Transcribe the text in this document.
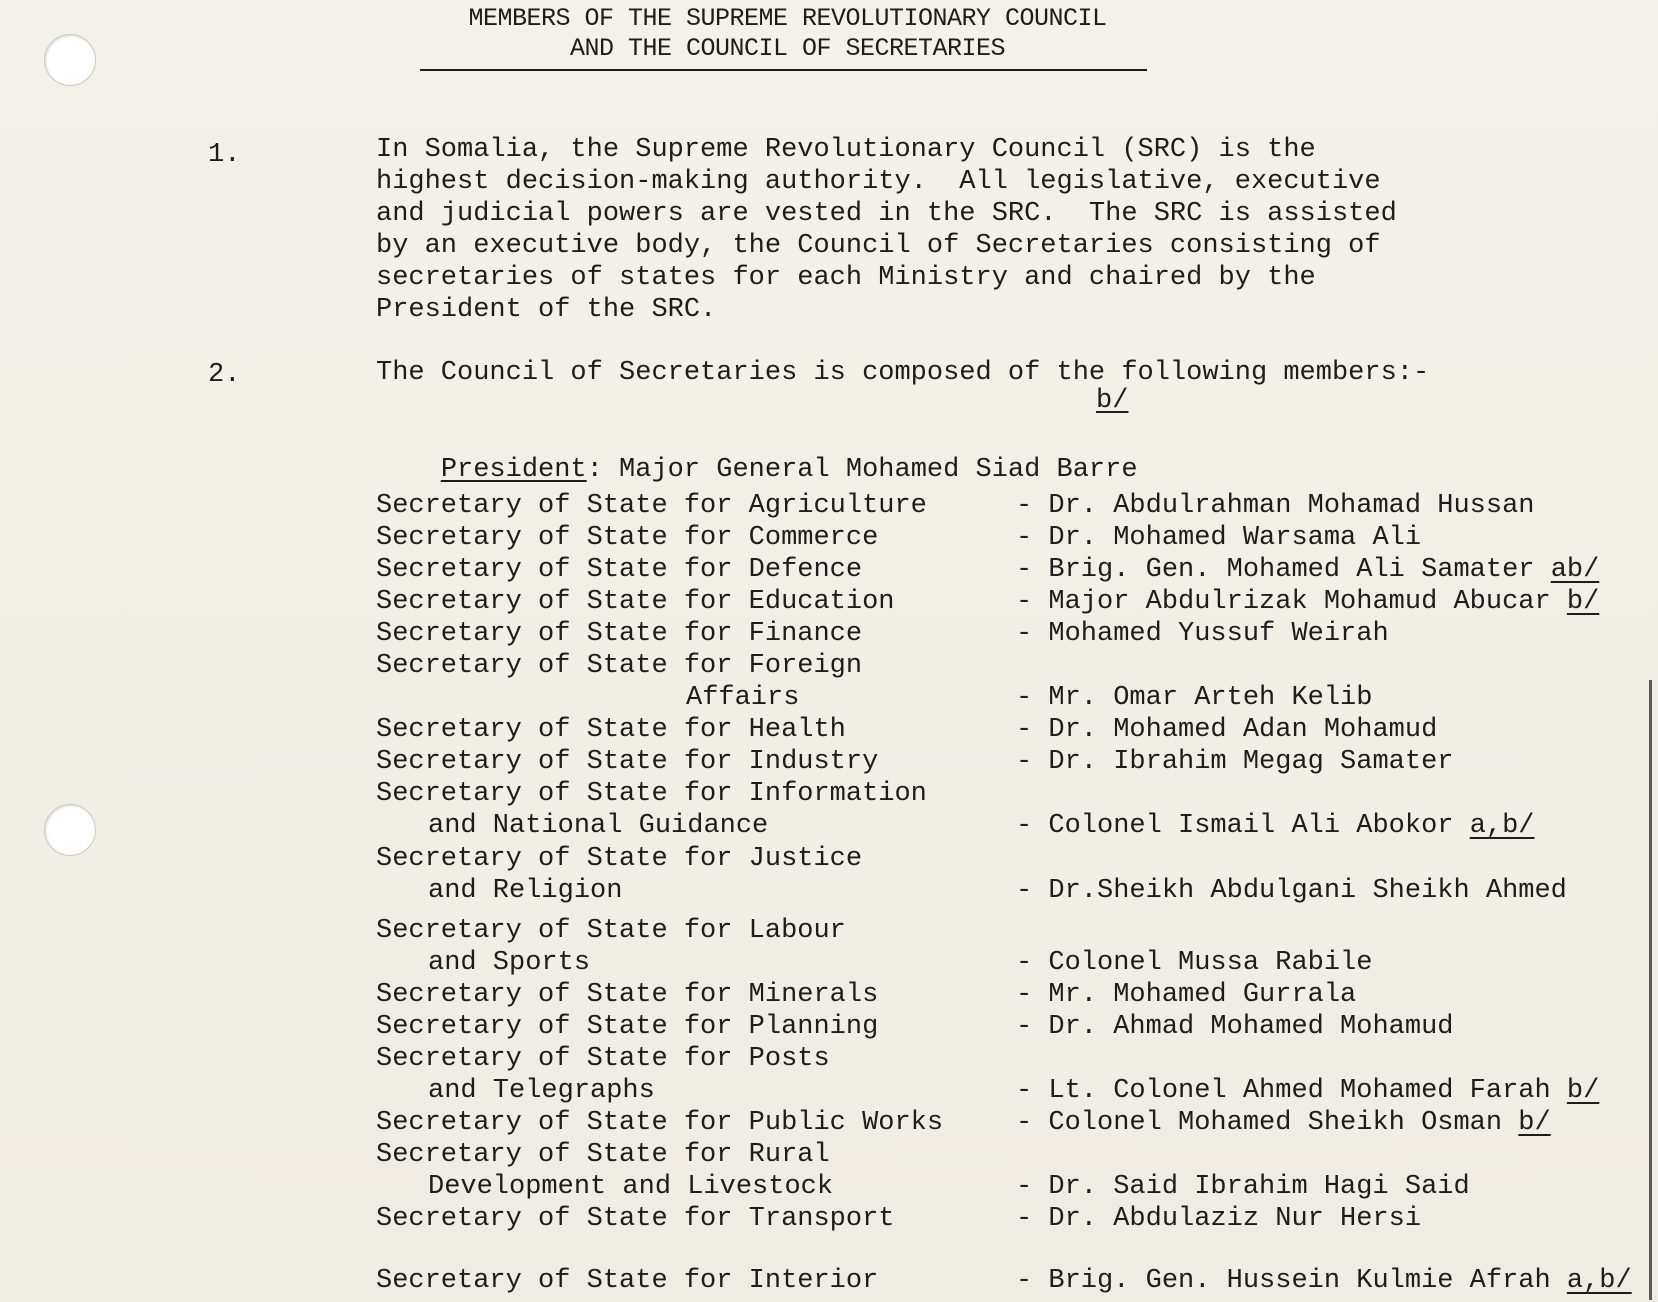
MEMBERS OF THE SUPREME REVOLUTIONARY COUNCIL
AND THE COUNCIL OF SECRETARIES
1.	In Somalia, the Supreme Revolutionary Council (SRC) is the
highest decision-making authority.  All legislative, executive
and judicial powers are vested in the SRC.  The SRC is assisted
by an executive body, the Council of Secretaries consisting of
secretaries of states for each Ministry and chaired by the
President of the SRC.
2.	The Council of Secretaries is composed of the following members:-
b/

President: Major General Mohamed Siad Barre

Secretary of State for Agriculture	- Dr. Abdulrahman Mohamad Hussan
Secretary of State for Commerce	- Dr. Mohamed Warsama Ali
Secretary of State for Defence	- Brig. Gen. Mohamed Ali Samater ab/
Secretary of State for Education	- Major Abdulrizak Mohamud Abucar b/
Secretary of State for Finance	- Mohamed Yussuf Weirah
Secretary of State for Foreign
Affairs	- Mr. Omar Arteh Kelib
Secretary of State for Health	- Dr. Mohamed Adan Mohamud
Secretary of State for Industry	- Dr. Ibrahim Megag Samater
Secretary of State for Information
and National Guidance	- Colonel Ismail Ali Abokor a,b/
Secretary of State for Justice
and Religion	- Dr.Sheikh Abdulgani Sheikh Ahmed
Secretary of State for Labour
and Sports	- Colonel Mussa Rabile
Secretary of State for Minerals	- Mr. Mohamed Gurrala
Secretary of State for Planning	- Dr. Ahmad Mohamed Mohamud
Secretary of State for Posts
and Telegraphs	- Lt. Colonel Ahmed Mohamed Farah b/
Secretary of State for Public Works	- Colonel Mohamed Sheikh Osman b/
Secretary of State for Rural
Development and Livestock	- Dr. Said Ibrahim Hagi Said
Secretary of State for Transport	- Dr. Abdulaziz Nur Hersi
Secretary of State for Interior	- Brig. Gen. Hussein Kulmie Afrah a,b/
